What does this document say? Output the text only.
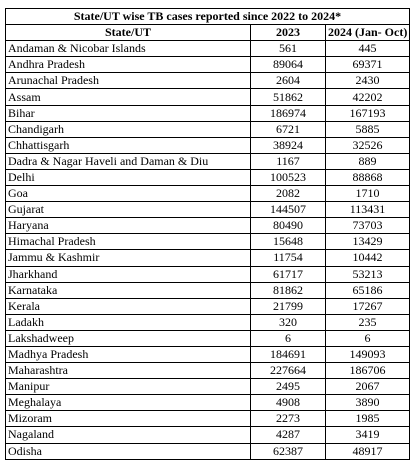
State/UT wise TB cases reported since 2022 to 2024*		
State/UT	2023	2024 (Jan- Oct)
Andaman & Nicobar Islands	561	445
Andhra Pradesh	89064	69371
Arunachal Pradesh	2604	2430
Assam	51862	42202
Bihar	186974	167193
Chandigarh	6721	5885
Chhattisgarh	38924	32526
Dadra & Nagar Haveli and Daman & Diu	1167	889
Delhi	100523	88868
Goa	2082	1710
Gujarat	144507	113431
Haryana	80490	73703
Himachal Pradesh	15648	13429
Jammu & Kashmir	11754	10442
Jharkhand	61717	53213
Karnataka	81862	65186
Kerala	21799	17267
Ladakh	320	235
Lakshadweep	6	6
Madhya Pradesh	184691	149093
Maharashtra	227664	186706
Manipur	2495	2067
Meghalaya	4908	3890
Mizoram	2273	1985
Nagaland	4287	3419
Odisha	62387	48917
